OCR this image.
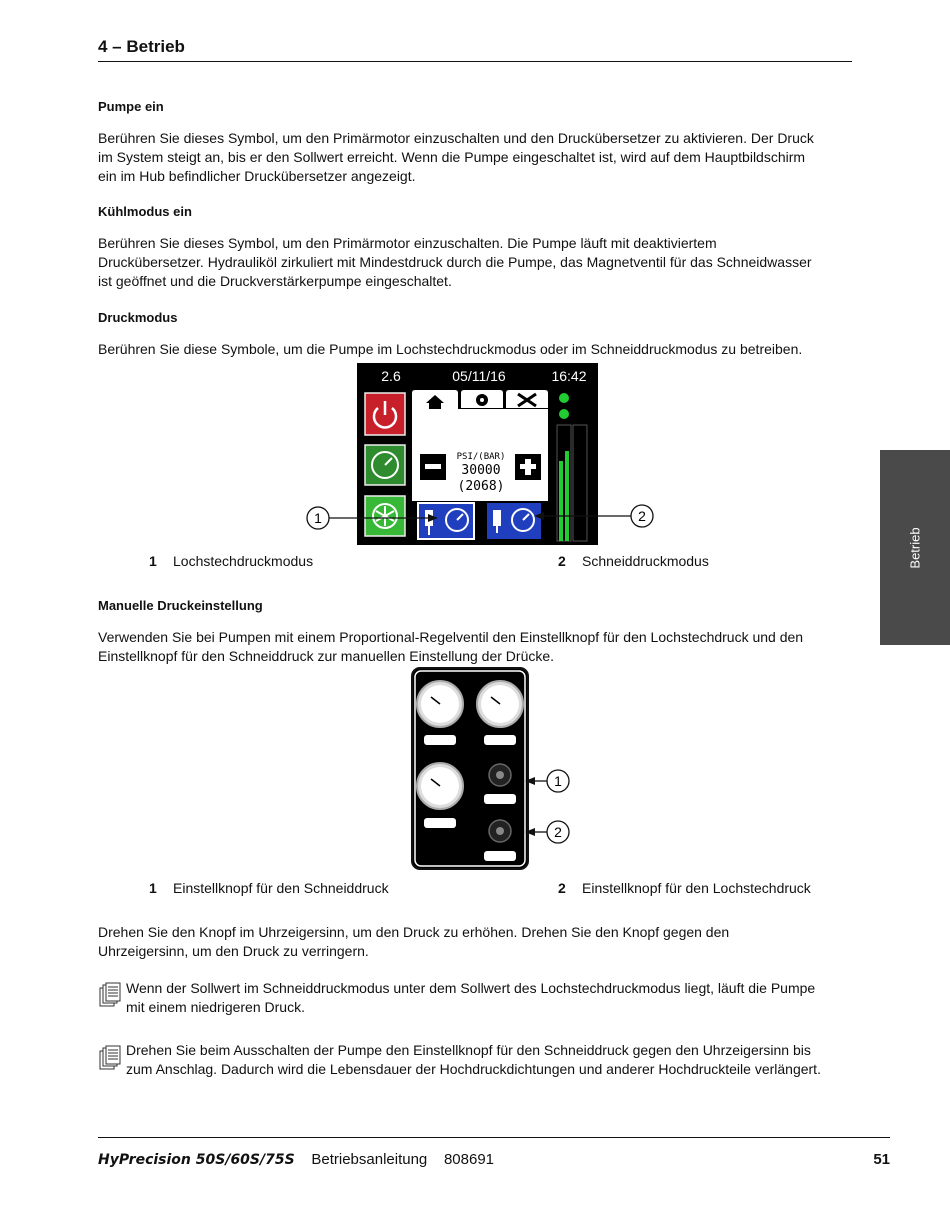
4 – Betrieb
Betrieb
Pumpe ein
Berühren Sie dieses Symbol, um den Primärmotor einzuschalten und den Druckübersetzer zu aktivieren. Der Druck
im System steigt an, bis er den Sollwert erreicht. Wenn die Pumpe eingeschaltet ist, wird auf dem Hauptbildschirm
ein im Hub befindlicher Druckübersetzer angezeigt.
Kühlmodus ein
Berühren Sie dieses Symbol, um den Primärmotor einzuschalten. Die Pumpe läuft mit deaktiviertem
Druckübersetzer. Hydrauliköl zirkuliert mit Mindestdruck durch die Pumpe, das Magnetventil für das Schneidwasser
ist geöffnet und die Druckverstärkerpumpe eingeschaltet.
Druckmodus
Berühren Sie diese Symbole, um die Pumpe im Lochstechdruckmodus oder im Schneiddruckmodus zu betreiben.
2.6	05/11/16	16:42
PSI/(BAR)
30000
(2068)
1	2
1 Lochstechdruckmodus	2 Schneiddruckmodus
Manuelle Druckeinstellung
Verwenden Sie bei Pumpen mit einem Proportional-Regelventil den Einstellknopf für den Lochstechdruck und den
Einstellknopf für den Schneiddruck zur manuellen Einstellung der Drücke.
1
2
1 Einstellknopf für den Schneiddruck	2 Einstellknopf für den Lochstechdruck
Drehen Sie den Knopf im Uhrzeigersinn, um den Druck zu erhöhen. Drehen Sie den Knopf gegen den
Uhrzeigersinn, um den Druck zu verringern.
Wenn der Sollwert im Schneiddruckmodus unter dem Sollwert des Lochstechdruckmodus liegt, läuft die Pumpe
mit einem niedrigeren Druck.
Drehen Sie beim Ausschalten der Pumpe den Einstellknopf für den Schneiddruck gegen den Uhrzeigersinn bis
zum Anschlag. Dadurch wird die Lebensdauer der Hochdruckdichtungen und anderer Hochdruckteile verlängert.
HyPrecision 50S/60S/75S Betriebsanleitung 808691	51
